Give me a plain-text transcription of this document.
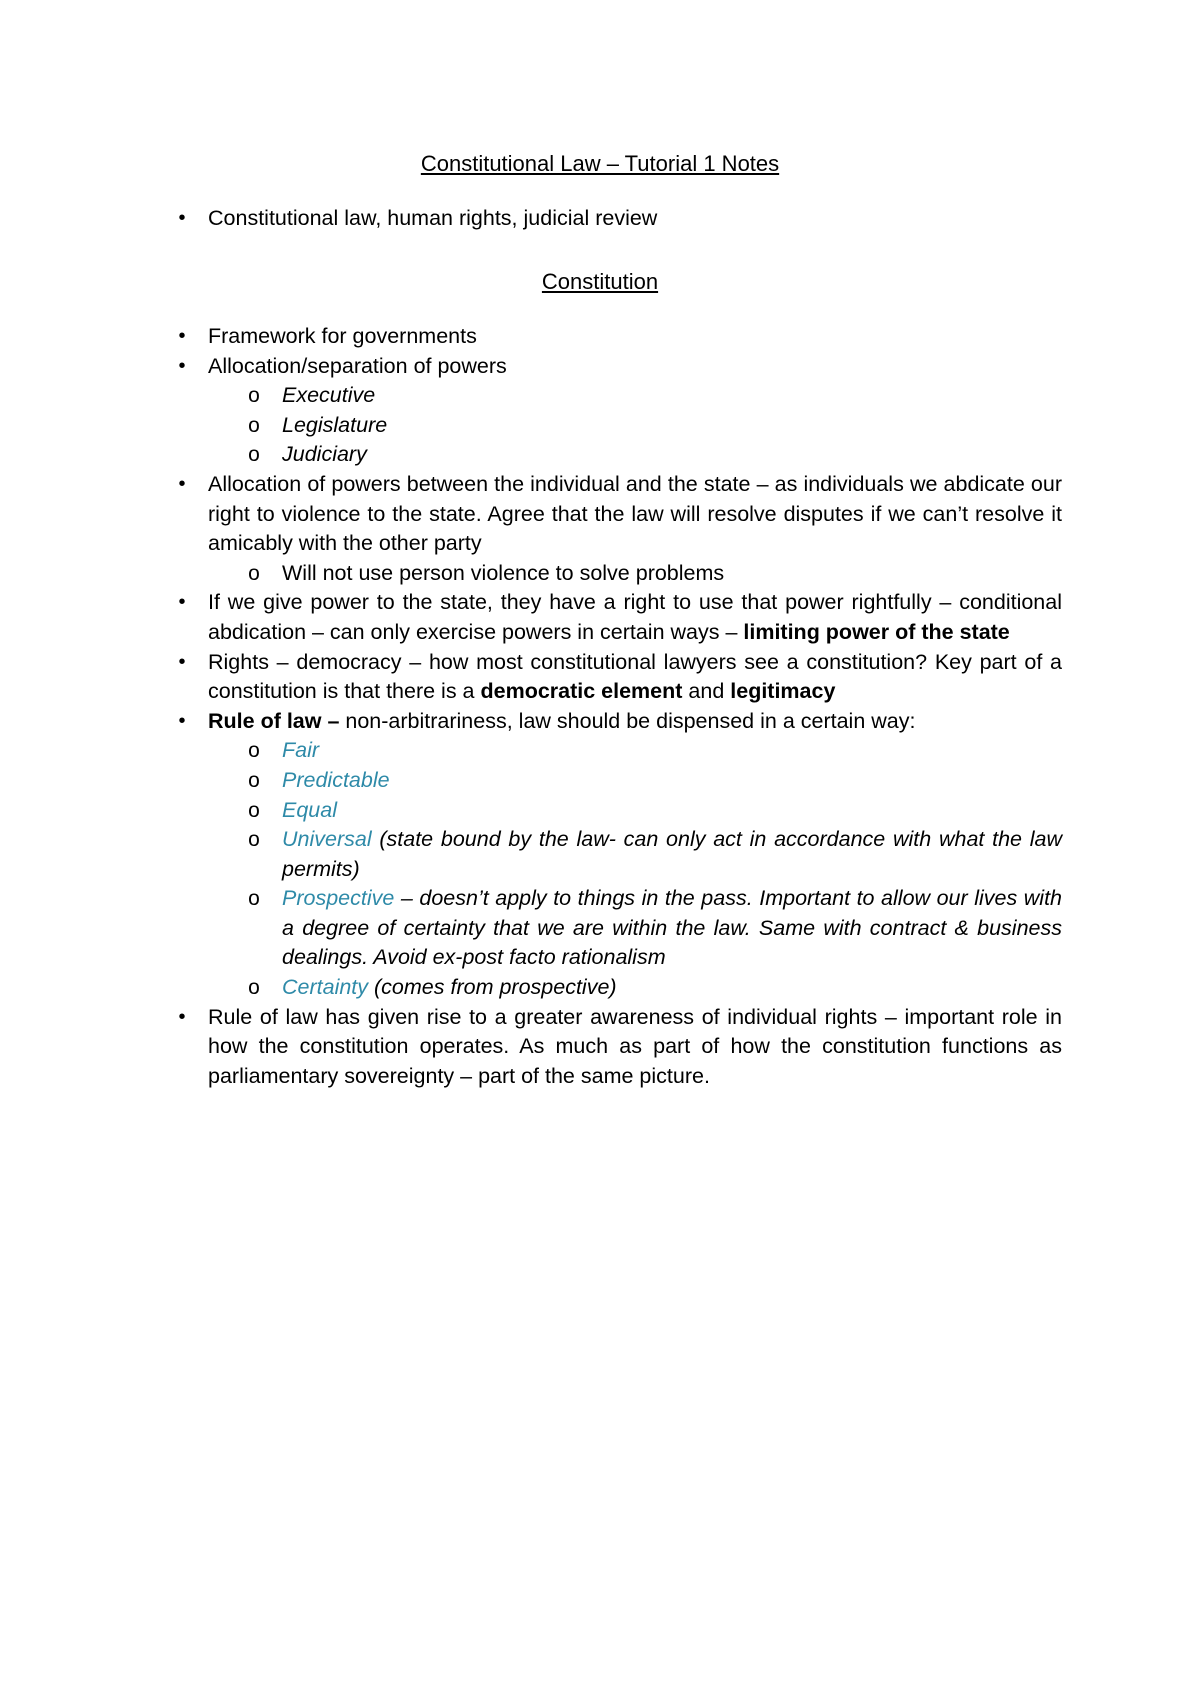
Constitutional Law – Tutorial 1 Notes
•	Constitutional law, human rights, judicial review
Constitution
•	Framework for governments
•	Allocation/separation of powers
o Executive
o Legislature
o Judiciary
•	Allocation of powers between the individual and the state – as individuals we abdicate our right to violence to the state. Agree that the law will resolve disputes if we can’t resolve it amicably with the other party
o Will not use person violence to solve problems
•	If we give power to the state, they have a right to use that power rightfully – conditional abdication – can only exercise powers in certain ways – limiting power of the state
•	Rights – democracy – how most constitutional lawyers see a constitution? Key part of a constitution is that there is a democratic element and legitimacy
•	Rule of law – non-arbitrariness, law should be dispensed in a certain way:
o Fair
o Predictable
o Equal
o Universal (state bound by the law- can only act in accordance with what the law permits)
o Prospective – doesn’t apply to things in the pass. Important to allow our lives with a degree of certainty that we are within the law. Same with contract & business dealings. Avoid ex-post facto rationalism
o Certainty (comes from prospective)
•	Rule of law has given rise to a greater awareness of individual rights – important role in how the constitution operates. As much as part of how the constitution functions as parliamentary sovereignty – part of the same picture.
